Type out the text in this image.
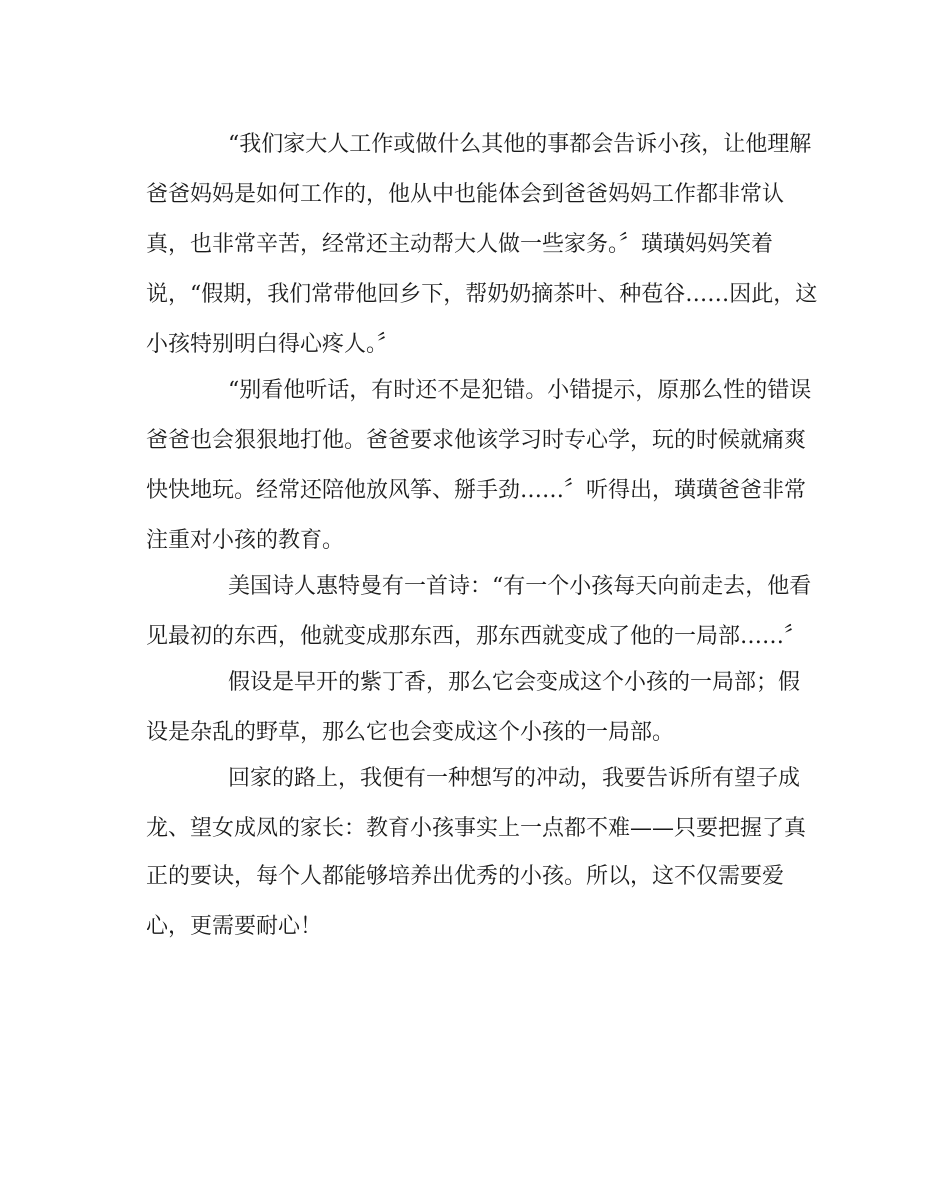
“我们家大人工作或做什么其他的事都会告诉小孩，让他理解

爸爸妈妈是如何工作的，他从中也能体会到爸爸妈妈工作都非常认

真，也非常辛苦，经常还主动帮大人做一些家务。〞璜璜妈妈笑着

说，“假期，我们常带他回乡下，帮奶奶摘茶叶、种苞谷……因此，这

小孩特别明白得心疼人。〞

“别看他听话，有时还不是犯错。小错提示，原那么性的错误

爸爸也会狠狠地打他。爸爸要求他该学习时专心学，玩的时候就痛爽

快快地玩。经常还陪他放风筝、掰手劲……〞听得出，璜璜爸爸非常

注重对小孩的教育。

美国诗人惠特曼有一首诗：“有一个小孩每天向前走去，他看

见最初的东西，他就变成那东西，那东西就变成了他的一局部……〞

假设是早开的紫丁香，那么它会变成这个小孩的一局部；假

设是杂乱的野草，那么它也会变成这个小孩的一局部。

回家的路上，我便有一种想写的冲动，我要告诉所有望子成

龙、望女成凤的家长：教育小孩事实上一点都不难——只要把握了真

正的要诀，每个人都能够培养出优秀的小孩。所以，这不仅需要爱

心，更需要耐心！
